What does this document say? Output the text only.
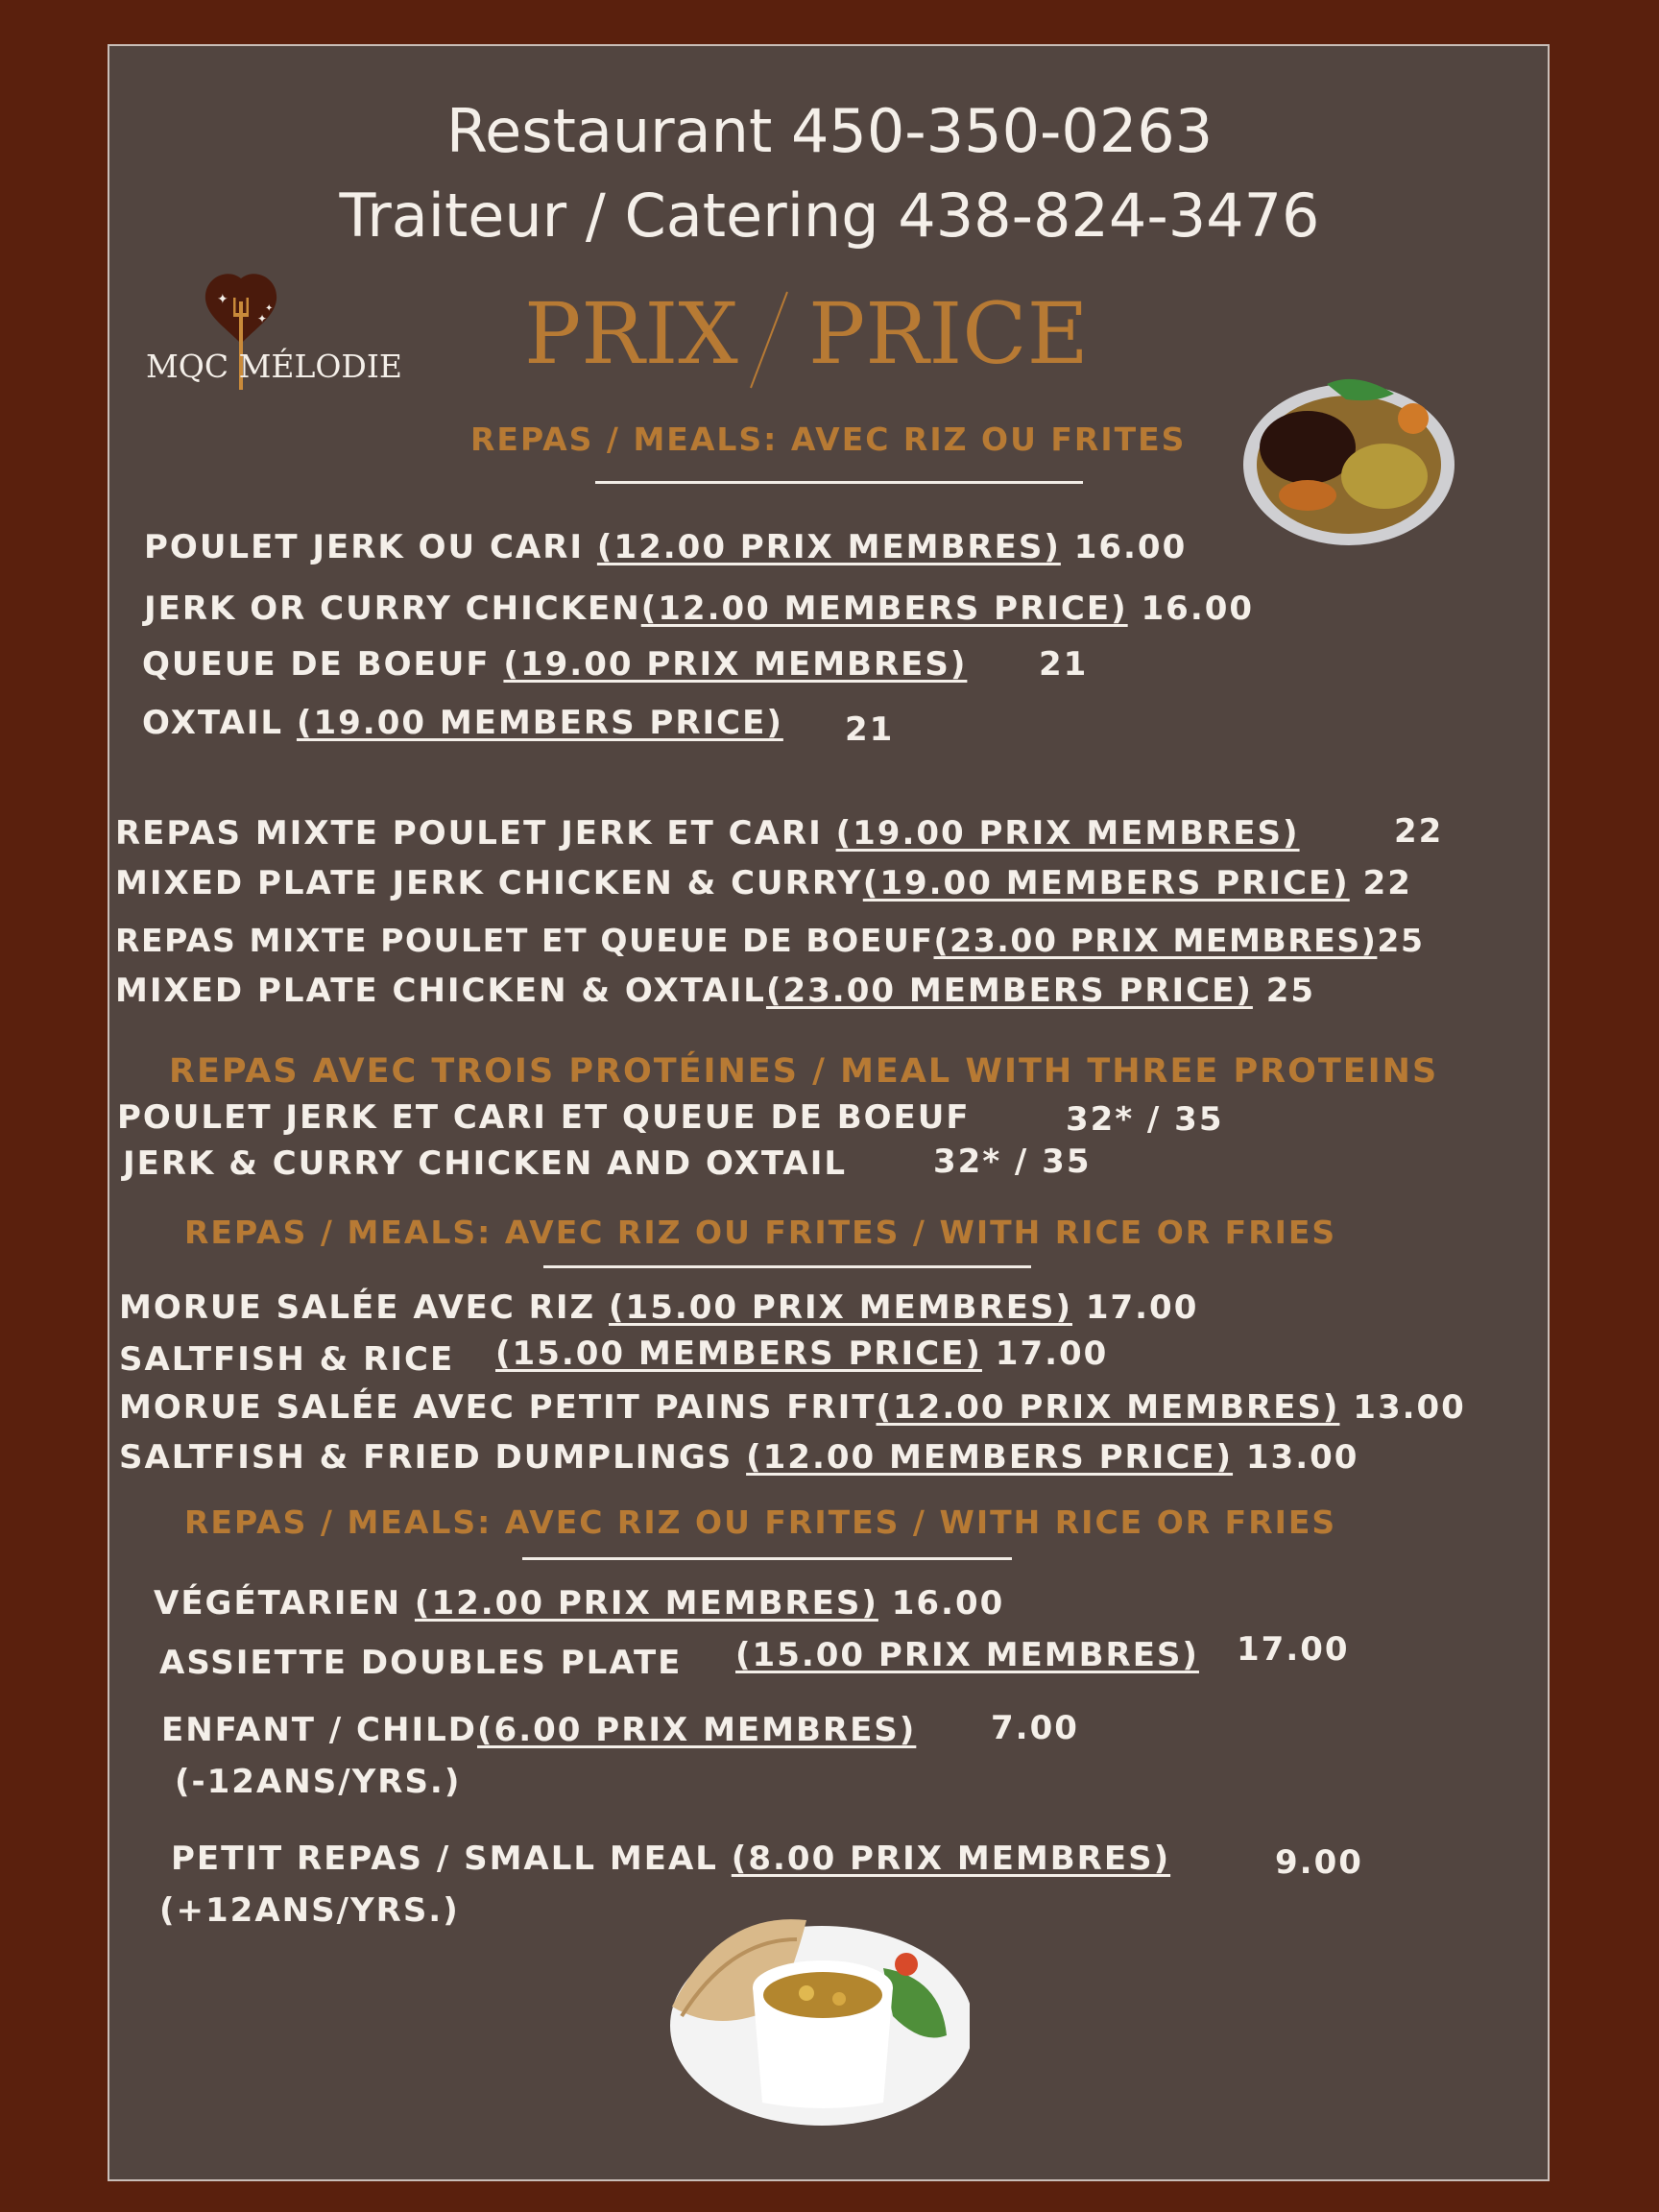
Restaurant 450-350-0263
Traiteur / Catering 438-824-3476
✦
✦
✦
MQC MÉLODIE PRIX PRICE
REPAS / MEALS: AVEC RIZ OU FRITES
POULET JERK OU CARI (12.00 PRIX MEMBRES) 16.00
JERK OR CURRY CHICKEN(12.00 MEMBERS PRICE) 16.00
QUEUE DE BOEUF (19.00 PRIX MEMBRES) 21
OXTAIL (19.00 MEMBERS PRICE) 21
REPAS MIXTE POULET JERK ET CARI (19.00 PRIX MEMBRES)	22
MIXED PLATE JERK CHICKEN & CURRY(19.00 MEMBERS PRICE) 22
REPAS MIXTE POULET ET QUEUE DE BOEUF(23.00 PRIX MEMBRES)25
MIXED PLATE CHICKEN & OXTAIL(23.00 MEMBERS PRICE) 25
REPAS AVEC TROIS PROTÉINES / MEAL WITH THREE PROTEINS
POULET JERK ET CARI ET QUEUE DE BOEUF	32* / 35
JERK & CURRY CHICKEN AND OXTAIL	32* / 35
REPAS / MEALS: AVEC RIZ OU FRITES / WITH RICE OR FRIES
MORUE SALÉE AVEC RIZ (15.00 PRIX MEMBRES) 17.00
SALTFISH & RICE (15.00 MEMBERS PRICE) 17.00
MORUE SALÉE AVEC PETIT PAINS FRIT(12.00 PRIX MEMBRES) 13.00
SALTFISH & FRIED DUMPLINGS (12.00 MEMBERS PRICE) 13.00
REPAS / MEALS: AVEC RIZ OU FRITES / WITH RICE OR FRIES
VÉGÉTARIEN (12.00 PRIX MEMBRES) 16.00
ASSIETTE DOUBLES PLATE (15.00 PRIX MEMBRES) 17.00
ENFANT / CHILD(6.00 PRIX MEMBRES) 7.00
(-12ANS/YRS.)
PETIT REPAS / SMALL MEAL (8.00 PRIX MEMBRES)	9.00
(+12ANS/YRS.)
